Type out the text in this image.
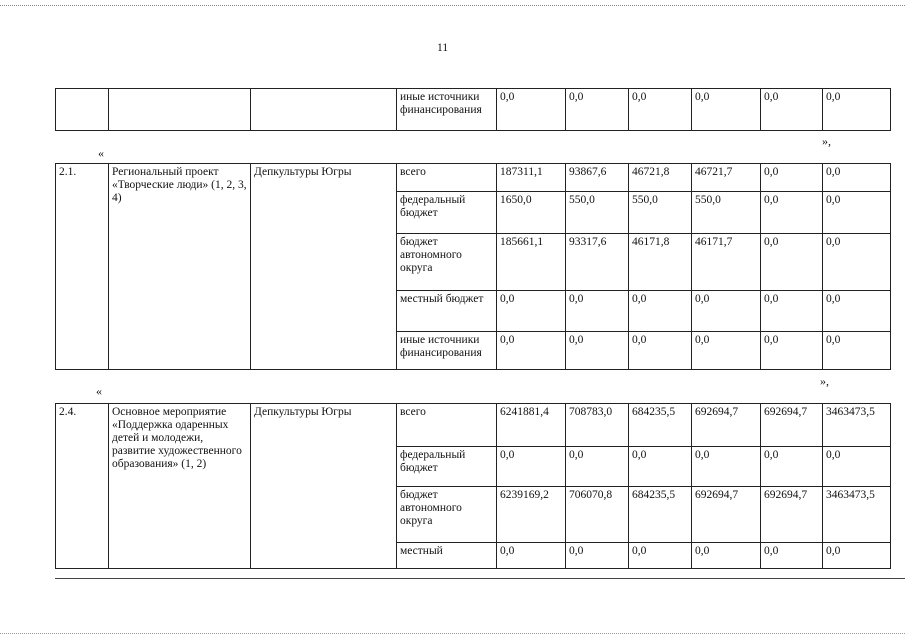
11
			иные источники финансирования	0,0	0,0	0,0	0,0	0,0	0,0
«
»,
2.1.	Региональный проект «Творческие люди» (1, 2, 3, 4)	Депкультуры Югры	всего	187311,1	93867,6	46721,8	46721,7	0,0	0,0
			федеральный бюджет	1650,0	550,0	550,0	550,0	0,0	0,0
			бюджет автономного округа	185661,1	93317,6	46171,8	46171,7	0,0	0,0
			местный бюджет	0,0	0,0	0,0	0,0	0,0	0,0
			иные источники финансирования	0,0	0,0	0,0	0,0	0,0	0,0
«
»,
2.4.	Основное мероприятие «Поддержка одаренных детей и молодежи, развитие художественного образования» (1, 2)	Депкультуры Югры	всего	6241881,4	708783,0	684235,5	692694,7	692694,7	3463473,5
			федеральный бюджет	0,0	0,0	0,0	0,0	0,0	0,0
			бюджет автономного округа	6239169,2	706070,8	684235,5	692694,7	692694,7	3463473,5
			местный	0,0	0,0	0,0	0,0	0,0	0,0
